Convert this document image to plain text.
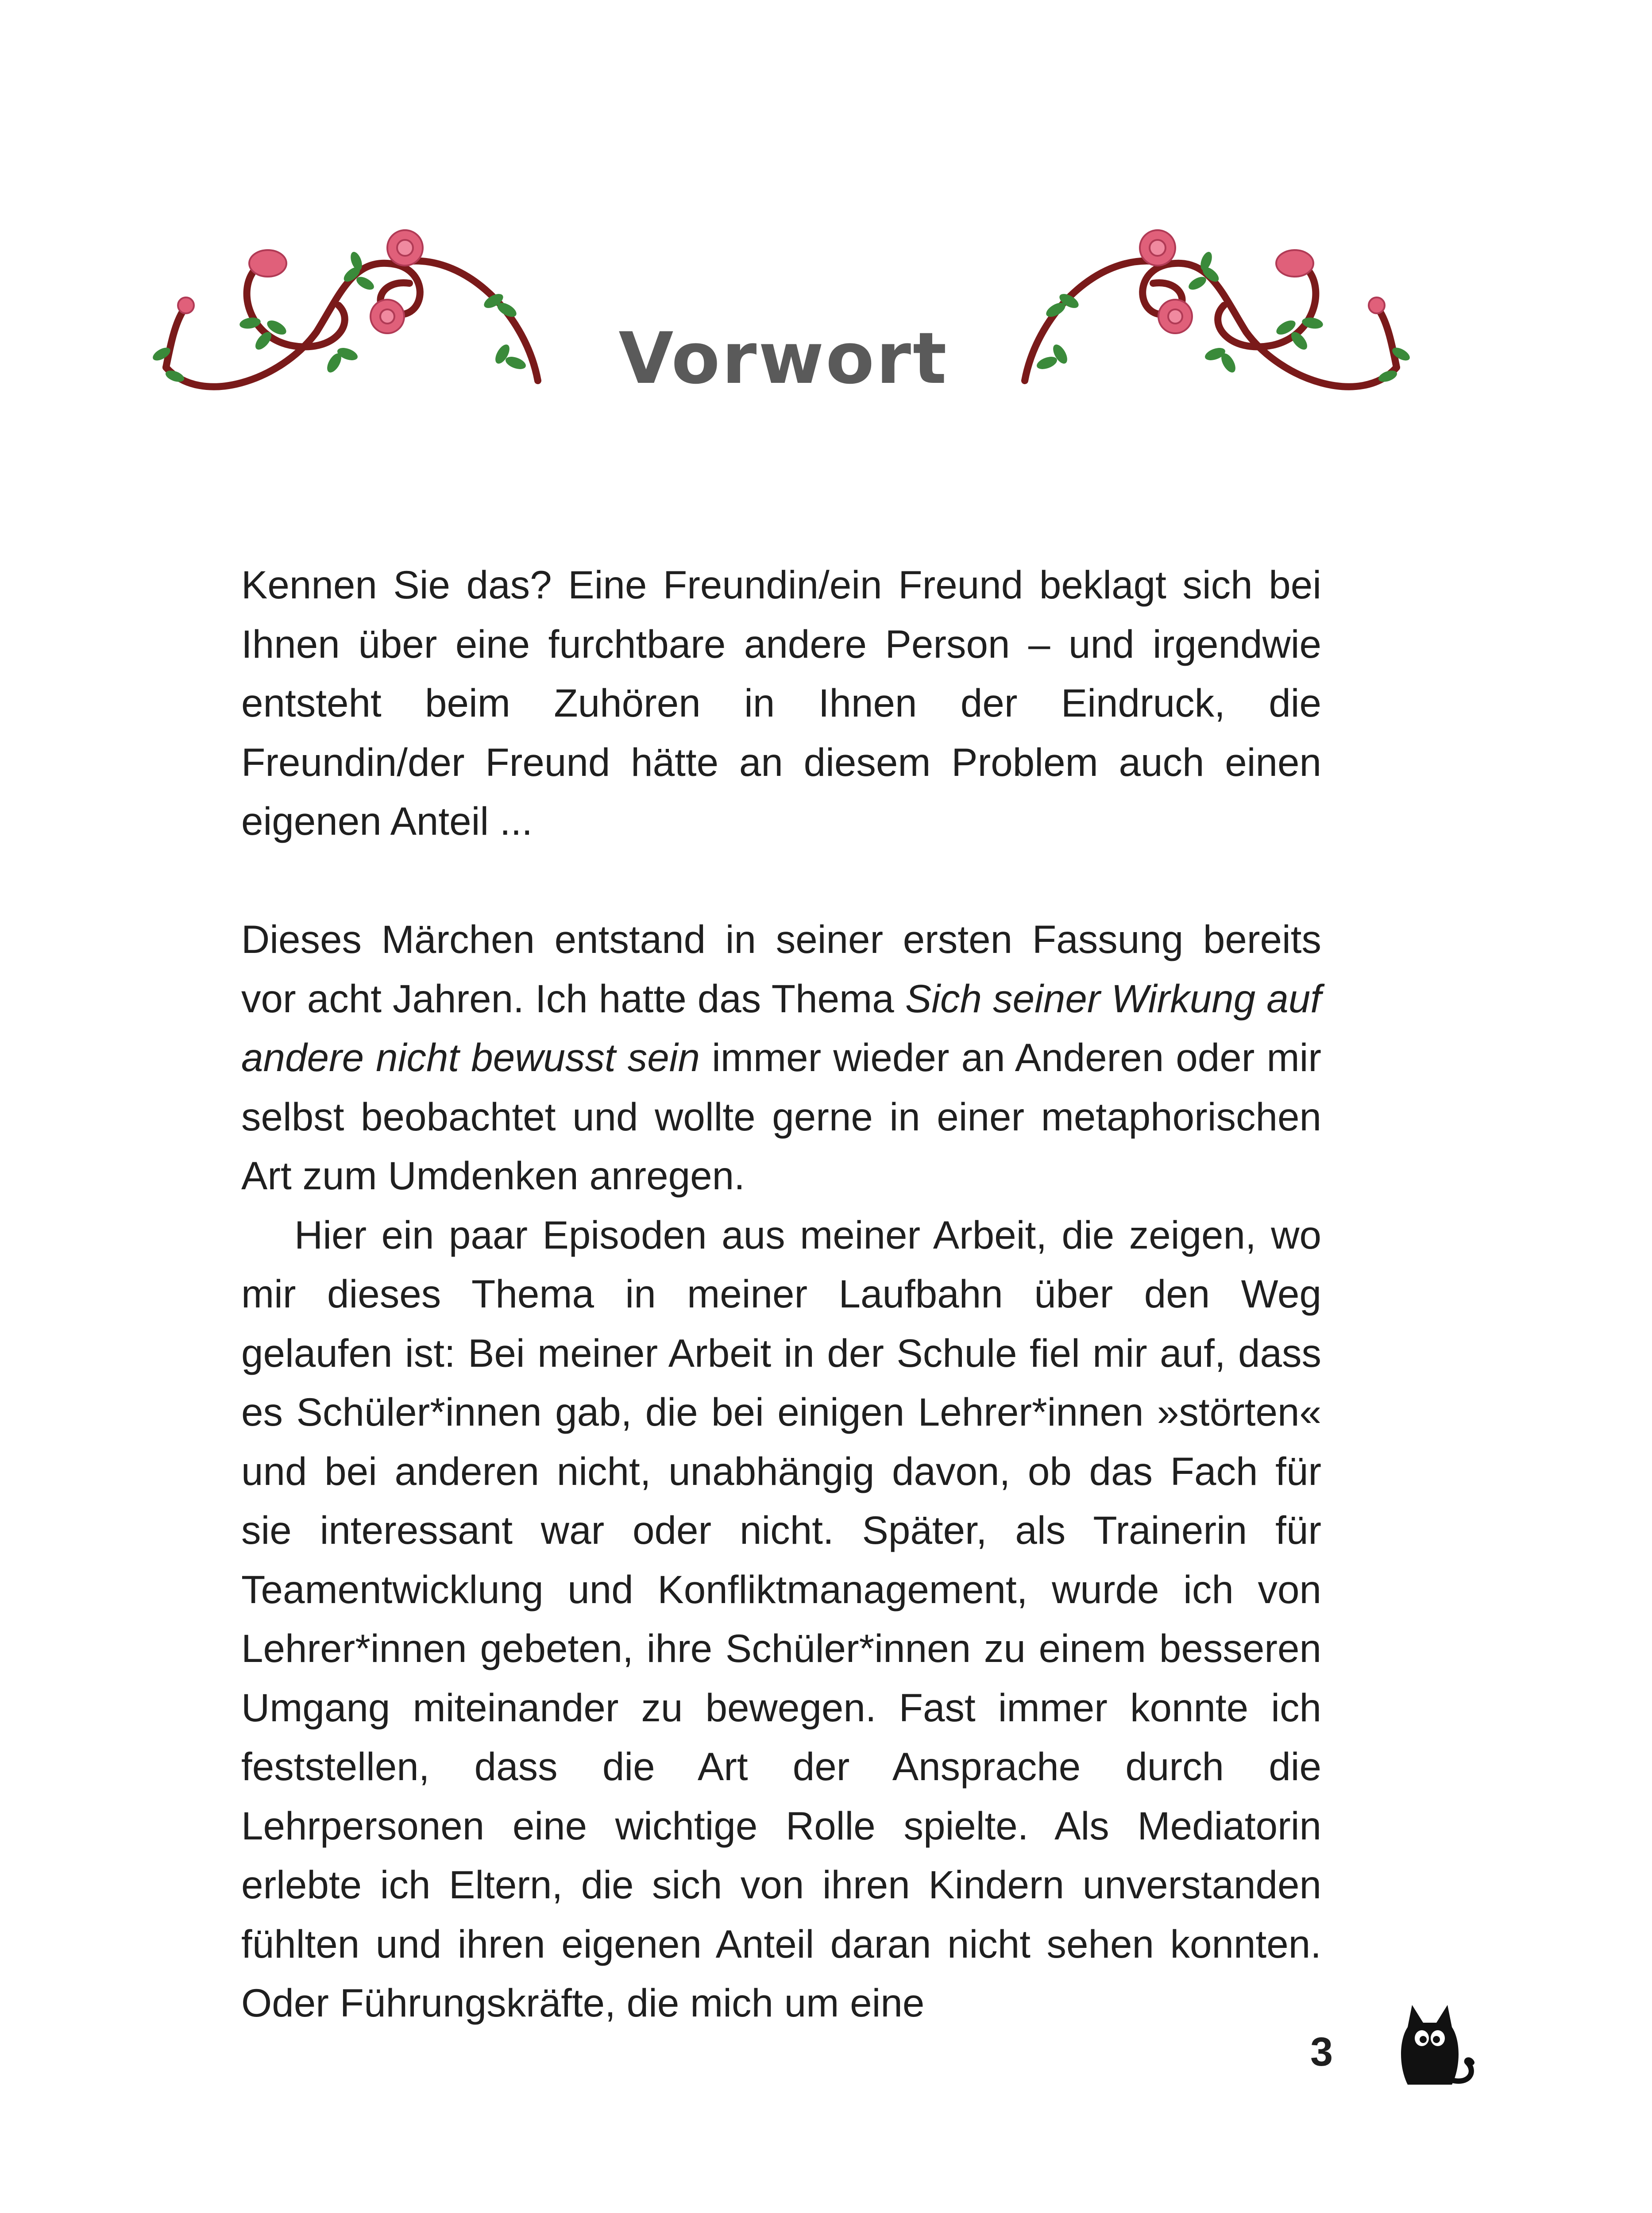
Vorwort

Kennen Sie das? Eine Freundin/ein Freund beklagt sich bei Ihnen über eine furchtbare andere Person – und irgendwie entsteht beim Zuhören in Ihnen der Eindruck, die Freundin/der Freund hätte an diesem Problem auch einen eigenen Anteil ...

Dieses Märchen entstand in seiner ersten Fassung bereits vor acht Jahren. Ich hatte das Thema Sich seiner Wirkung auf andere nicht bewusst sein immer wieder an Anderen oder mir selbst beobachtet und wollte gerne in einer metaphorischen Art zum Umdenken anregen.

Hier ein paar Episoden aus meiner Arbeit, die zeigen, wo mir dieses Thema in meiner Laufbahn über den Weg gelaufen ist: Bei meiner Arbeit in der Schule fiel mir auf, dass es Schüler*innen gab, die bei einigen Lehrer*innen »störten« und bei anderen nicht, unabhängig davon, ob das Fach für sie interessant war oder nicht. Später, als Trainerin für Teamentwicklung und Konfliktmanagement, wurde ich von Lehrer*innen gebeten, ihre Schüler*innen zu einem besseren Umgang miteinander zu bewegen. Fast immer konnte ich feststellen, dass die Art der Ansprache durch die Lehrpersonen eine wichtige Rolle spielte. Als Mediatorin erlebte ich Eltern, die sich von ihren Kindern unverstanden fühlten und ihren eigenen Anteil daran nicht sehen konnten. Oder Führungskräfte, die mich um eine

3
